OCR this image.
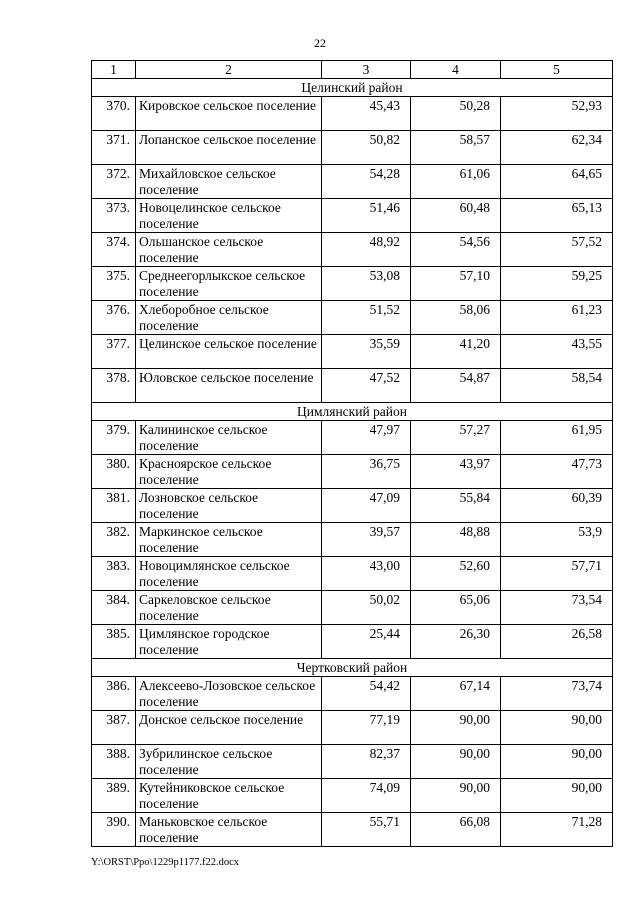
22
1	2	3	4	5
Целинский район				
370.	Кировское сельское поселение	45,43	50,28	52,93
371.	Лопанское сельское поселение	50,82	58,57	62,34
372.	Михайловское сельское поселение	54,28	61,06	64,65
373.	Новоцелинское сельское поселение	51,46	60,48	65,13
374.	Ольшанское сельское поселение	48,92	54,56	57,52
375.	Среднеегорлыкское сельское поселение	53,08	57,10	59,25
376.	Хлеборобное сельское поселение	51,52	58,06	61,23
377.	Целинское сельское поселение	35,59	41,20	43,55
378.	Юловское сельское поселение	47,52	54,87	58,54
Цимлянский район				
379.	Калининское сельское поселение	47,97	57,27	61,95
380.	Красноярское сельское поселение	36,75	43,97	47,73
381.	Лозновское сельское поселение	47,09	55,84	60,39
382.	Маркинское сельское поселение	39,57	48,88	53,9
383.	Новоцимлянское сельское поселение	43,00	52,60	57,71
384.	Саркеловское сельское поселение	50,02	65,06	73,54
385.	Цимлянское городское поселение	25,44	26,30	26,58
Чертковский район				
386.	Алексеево-Лозовское сельское поселение	54,42	67,14	73,74
387.	Донское сельское поселение	77,19	90,00	90,00
388.	Зубрилинское сельское поселение	82,37	90,00	90,00
389.	Кутейниковское сельское поселение	74,09	90,00	90,00
390.	Маньковское сельское поселение	55,71	66,08	71,28
Y:\ORST\Ppo\1229p1177.f22.docx
